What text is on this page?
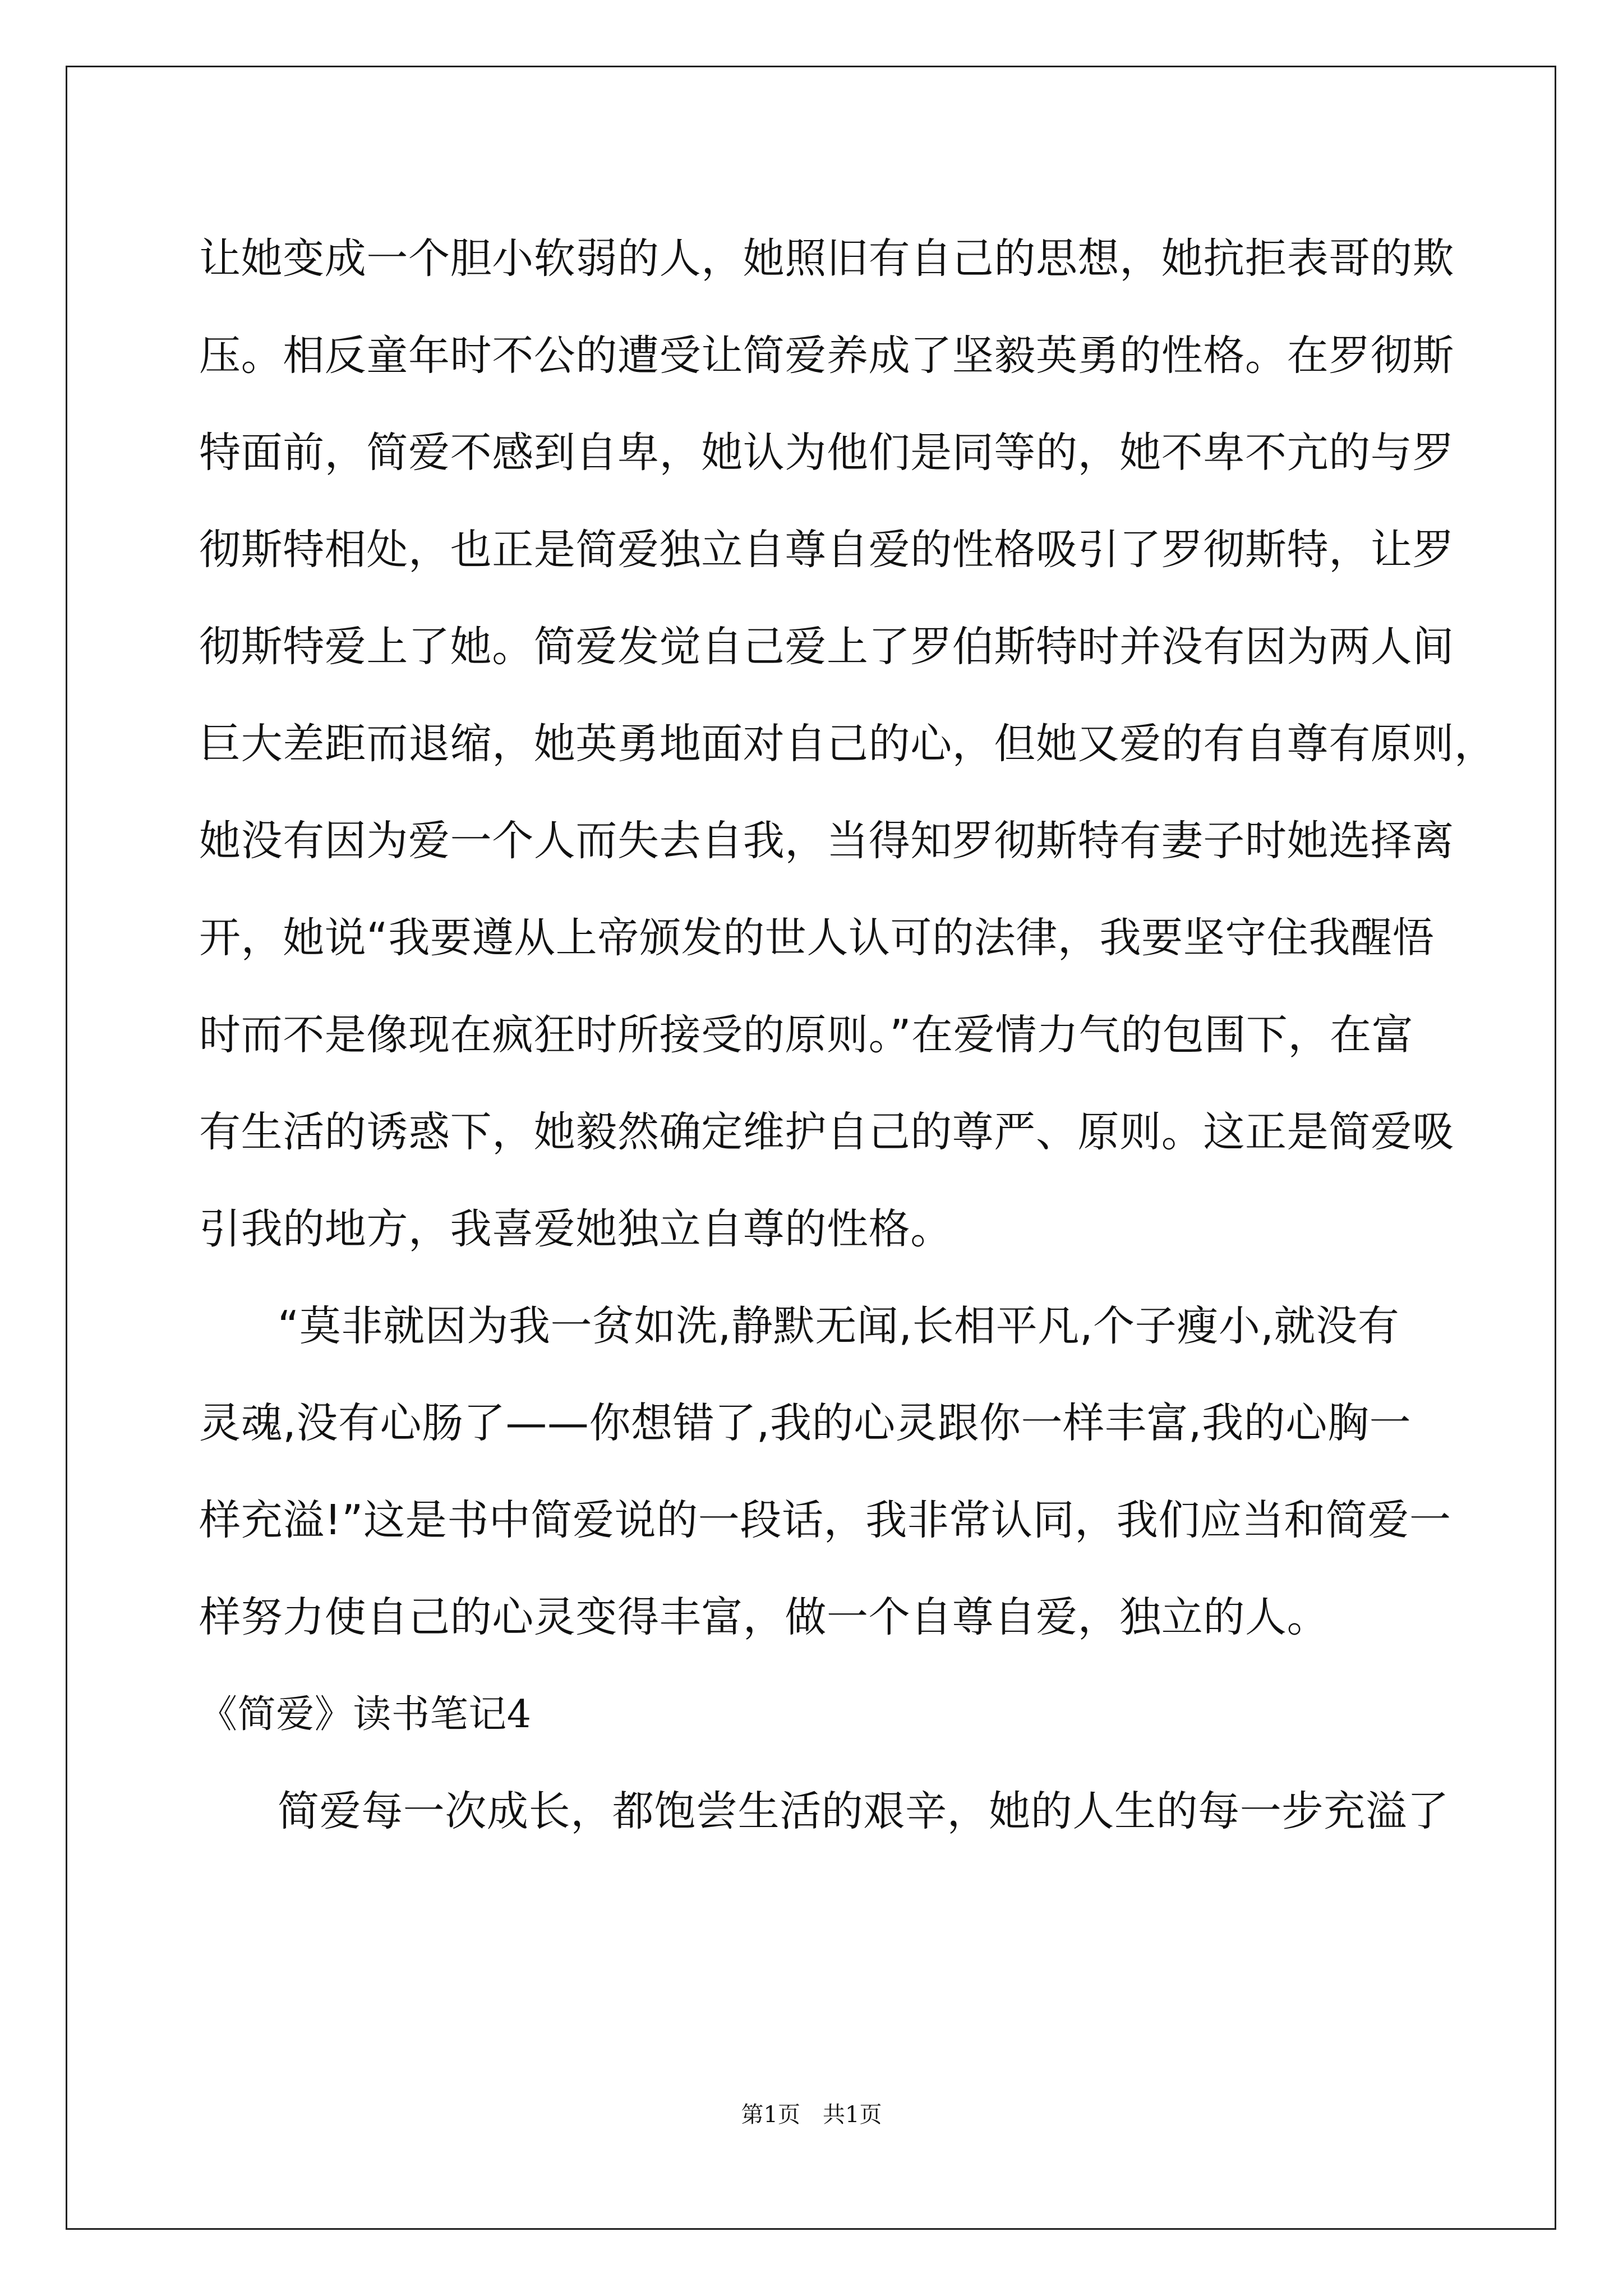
让她变成一个胆小软弱的人，她照旧有自己的思想，她抗拒表哥的欺
压。相反童年时不公的遭受让简爱养成了坚毅英勇的性格。在罗彻斯
特面前，简爱不感到自卑，她认为他们是同等的，她不卑不亢的与罗
彻斯特相处，也正是简爱独立自尊自爱的性格吸引了罗彻斯特，让罗
彻斯特爱上了她。简爱发觉自己爱上了罗伯斯特时并没有因为两人间
巨大差距而退缩，她英勇地面对自己的心，但她又爱的有自尊有原则，
她没有因为爱一个人而失去自我，当得知罗彻斯特有妻子时她选择离
开，她说“我要遵从上帝颁发的世人认可的法律，我要坚守住我醒悟
时而不是像现在疯狂时所接受的原则。”在爱情力气的包围下，在富
有生活的诱惑下，她毅然确定维护自己的尊严、原则。这正是简爱吸
引我的地方，我喜爱她独立自尊的性格。
“莫非就因为我一贫如洗,静默无闻,长相平凡,个子瘦小,就没有
灵魂,没有心肠了——你想错了,我的心灵跟你一样丰富,我的心胸一
样充溢!”这是书中简爱说的一段话，我非常认同，我们应当和简爱一
样努力使自己的心灵变得丰富，做一个自尊自爱，独立的人。
《简爱》读书笔记4
简爱每一次成长，都饱尝生活的艰辛，她的人生的每一步充溢了
第1页　共1页
